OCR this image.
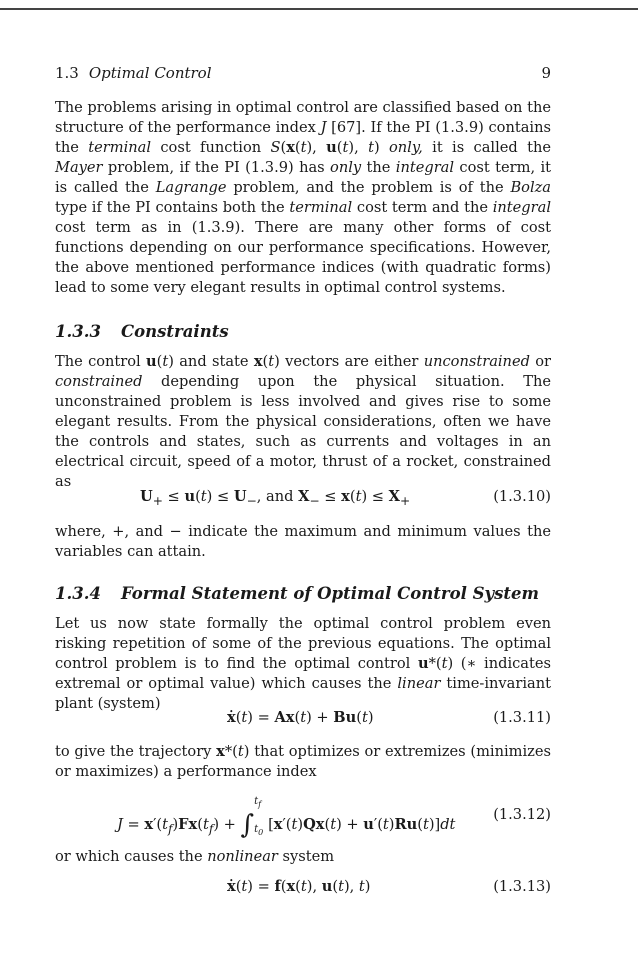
1.3 Optimal Control	9

The problems arising in optimal control are classified based on the structure of the performance index J [67]. If the PI (1.3.9) contains the terminal cost function S(x(t), u(t), t) only, it is called the Mayer problem, if the PI (1.3.9) has only the integral cost term, it is called the Lagrange problem, and the problem is of the Bolza type if the PI contains both the terminal cost term and the integral cost term as in (1.3.9). There are many other forms of cost functions depending on our performance specifications. However, the above mentioned performance indices (with quadratic forms) lead to some very elegant results in optimal control systems.

1.3.3 Constraints

The control u(t) and state x(t) vectors are either unconstrained or constrained depending upon the physical situation. The unconstrained problem is less involved and gives rise to some elegant results. From the physical considerations, often we have the controls and states, such as currents and voltages in an electrical circuit, speed of a motor, thrust of a rocket, constrained as

$U_+ \le u(t) \le U_-$, and $X_- \le x(t) \le X_+$	(1.3.10)

where, +, and − indicate the maximum and minimum values the variables can attain.

1.3.4 Formal Statement of Optimal Control System

Let us now state formally the optimal control problem even risking repetition of some of the previous equations. The optimal control problem is to find the optimal control u*(t) (∗ indicates extremal or optimal value) which causes the linear time-invariant plant (system)

ẋ(t) = Ax(t) + Bu(t)	(1.3.11)

to give the trajectory x*(t) that optimizes or extremizes (minimizes or maximizes) a performance index

$J = x'(t_f)Fx(t_f)$ + ∫
$t_f$
$t_0$ [x′(t)Qx(t) + u′(t)Ru(t)]dt
(1.3.12)

or which causes the nonlinear system

ẋ(t) = f(x(t), u(t), t)	(1.3.13)
